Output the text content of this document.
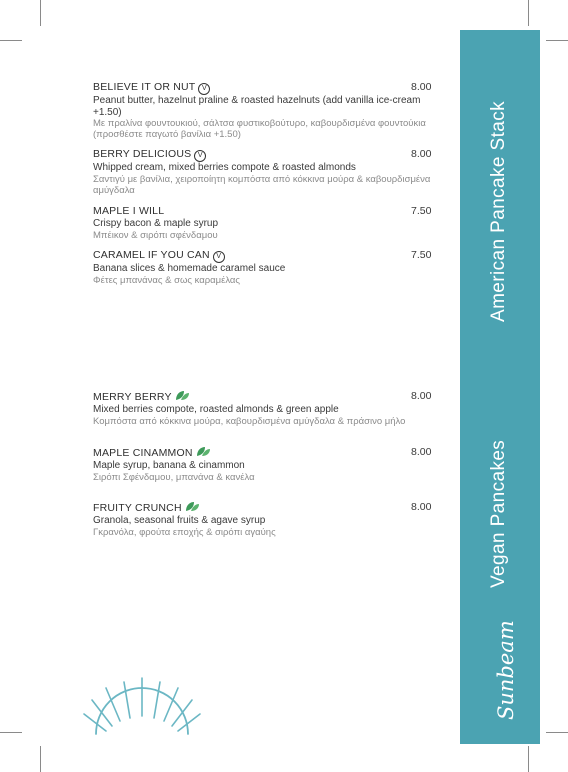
American Pancake Stack
Vegan Pancakes
Sunbeam
BELIEVE IT OR NUT V
Peanut butter, hazelnut praline & roasted hazelnuts (add vanilla ice-cream +1.50)
Με πραλίνα φουντουκιού, σάλτσα φυστικοβούτυρο, καβουρδισμένα φουντούκια (προσθέστε παγωτό βανίλια +1.50)
8.00
BERRY DELICIOUS V
Whipped cream, mixed berries compote & roasted almonds
Σαντιγύ με βανίλια, χειροποίητη κομπόστα από κόκκινα μούρα & καβουρδισμένα αμύγδαλα
8.00
MAPLE I WILL
Crispy bacon & maple syrup
Μπέικον & σιρόπι σφένδαμου
7.50
CARAMEL IF YOU CAN V
Banana slices & homemade caramel sauce
Φέτες μπανάνας & σως καραμέλας
7.50
MERRY BERRY
Mixed berries compote, roasted almonds & green apple
Κομπόστα από κόκκινα μούρα, καβουρδισμένα αμύγδαλα & πράσινο μήλο
8.00
MAPLE CINAMMON
Maple syrup, banana & cinammon
Σιρόπι Σφένδαμου, μπανάνα & κανέλα
8.00
FRUITY CRUNCH
Granola, seasonal fruits & agave syrup
Γκρανόλα, φρούτα εποχής & σιρόπι αγαύης
8.00
